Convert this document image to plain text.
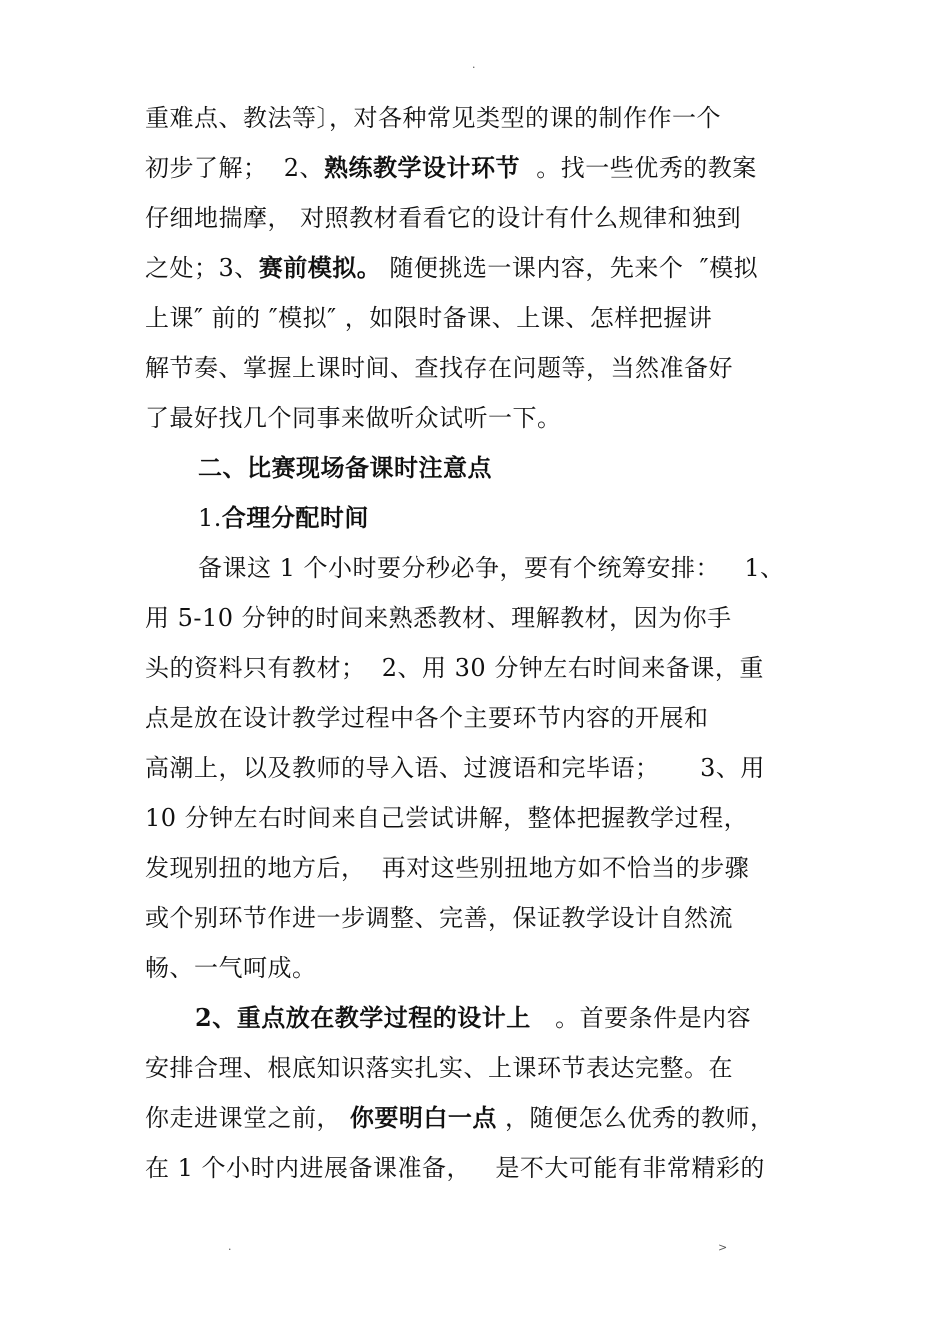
·
重难点、教法等〕，对各种常见类型的课的制作作一个
初步了解；  2、熟练教学设计环节  。找一些优秀的教案
仔细地揣摩， 对照教材看看它的设计有什么规律和独到
之处；3、赛前模拟。 随便挑选一课内容，先来个  ″模拟
上课″ 前的 ″模拟″ ，如限时备课、上课、怎样把握讲
解节奏、掌握上课时间、查找存在问题等，当然准备好
了最好找几个同事来做听众试听一下。
二、比赛现场备课时注意点
1.合理分配时间
备课这 1 个小时要分秒必争，要有个统筹安排：   1、
用 5-10 分钟的时间来熟悉教材、理解教材，因为你手
头的资料只有教材；  2、用 30 分钟左右时间来备课，重
点是放在设计教学过程中各个主要环节内容的开展和
高潮上，以及教师的导入语、过渡语和完毕语；     3、用
10 分钟左右时间来自己尝试讲解，整体把握教学过程，
发现别扭的地方后，  再对这些别扭地方如不恰当的步骤
或个别环节作进一步调整、完善，保证教学设计自然流
畅、一气呵成。
2、重点放在教学过程的设计上   。首要条件是内容
安排合理、根底知识落实扎实、上课环节表达完整。在
你走进课堂之前， 你要明白一点 ，随便怎么优秀的教师，
在 1 个小时内进展备课准备，   是不大可能有非常精彩的
·	>
